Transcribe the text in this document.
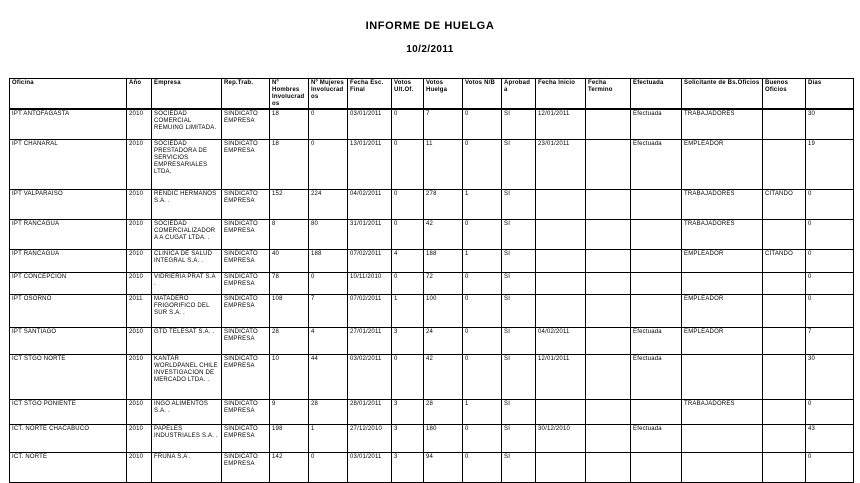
INFORME DE HUELGA
10/2/2011
Oficina	Año	Empresa	Rep.Trab.	Nº Hombres Involucrados	Nº Mujeres Involucrados	Fecha Esc. Final	Votos Ult.Of.	Votos Huelga	Votos N/B	Aprobada	Fecha Inicio	Fecha Termino	Efectuada	Solicitante de Bs.Oficios	Buenos Oficios	Días
IPT ANTOFAGASTA	2010	SOCIEDAD COMERCIAL REMUING LIMITADA.	SINDICATO EMPRESA	18	0	03/01/2011	0	7	0	SI	12/01/2011		Efectuada	TRABAJADORES		30
IPT CHAÑARAL	2010	SOCIEDAD PRESTADORA DE SERVICIOS EMPRESARIALES LTDA.	SINDICATO EMPRESA	18	0	13/01/2011	0	11	0	SI	23/01/2011		Efectuada	EMPLEADOR		19
IPT VALPARAISO	2010	RENDIC HERMANOS S.A. .	SINDICATO EMPRESA	152	224	04/02/2011	0	278	1	SI				TRABAJADORES	CITANDO	0
IPT RANCAGUA	2010	SOCIEDAD COMERCIALIZADORA A CUGAT LTDA. .	SINDICATO EMPRESA	8	80	31/01/2011	0	42	0	SI				TRABAJADORES		0
IPT RANCAGUA	2010	CLINICA DE SALUD INTEGRAL S.A. .	SINDICATO EMPRESA	40	188	07/02/2011	4	188	1	SI				EMPLEADOR	CITANDO	0
IPT CONCEPCION	2010	VIDRIERIA PRAT S.A .	SINDICATO EMPRESA	78	0	10/11/2010	0	72	0	SI						0
IPT OSORNO	2011	MATADERO FRIGORIFICO DEL SUR S.A. .	SINDICATO EMPRESA	108	7	07/02/2011	1	100	0	SI				EMPLEADOR		0
IPT SANTIAGO	2010	GTD TELESAT S.A. .	SINDICATO EMPRESA	28	4	27/01/2011	3	24	0	SI	04/02/2011		Efectuada	EMPLEADOR		7
ICT STGO NORTE	2010	KANTAR WORLDPANEL CHILE INVESTIGACION DE MERCADO LTDA. .	SINDICATO EMPRESA	10	44	03/02/2011	0	42	0	SI	12/01/2011		Efectuada			30
ICT STGO PONIENTE	2010	INGO ALIMENTOS S.A. .	SINDICATO EMPRESA	9	28	28/01/2011	3	28	1	SI				TRABAJADORES		0
ICT. NORTE CHACABUCO	2010	PAPELES INDUSTRIALES S.A. .	SINDICATO EMPRESA	198	1	27/12/2010	3	180	0	SI	30/12/2010		Efectuada			43
ICT. NORTE	2010	FRUNA S.A .	SINDICATO EMPRESA	142	0	03/01/2011	3	94	0	SI						0
